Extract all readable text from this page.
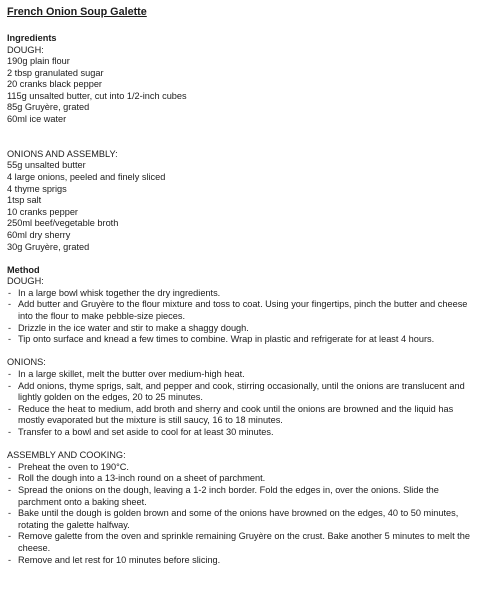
French Onion Soup Galette
Ingredients
DOUGH:
190g plain flour
2 tbsp granulated sugar
20 cranks black pepper
115g unsalted butter, cut into 1/2-inch cubes
85g Gruyère, grated
60ml ice water
ONIONS AND ASSEMBLY:
55g unsalted butter
4 large onions, peeled and finely sliced
4 thyme sprigs
1tsp salt
10 cranks pepper
250ml beef/vegetable broth
60ml dry sherry
30g Gruyère, grated
Method
DOUGH:
- In a large bowl whisk together the dry ingredients.
- Add butter and Gruyère to the flour mixture and toss to coat. Using your fingertips, pinch the butter and cheese into the flour to make pebble-size pieces.
- Drizzle in the ice water and stir to make a shaggy dough.
- Tip onto surface and knead a few times to combine. Wrap in plastic and refrigerate for at least 4 hours.
ONIONS:
- In a large skillet, melt the butter over medium-high heat.
- Add onions, thyme sprigs, salt, and pepper and cook, stirring occasionally, until the onions are translucent and lightly golden on the edges, 20 to 25 minutes.
- Reduce the heat to medium, add broth and sherry and cook until the onions are browned and the liquid has mostly evaporated but the mixture is still saucy, 16 to 18 minutes.
- Transfer to a bowl and set aside to cool for at least 30 minutes.
ASSEMBLY AND COOKING:
- Preheat the oven to 190°C.
- Roll the dough into a 13-inch round on a sheet of parchment.
- Spread the onions on the dough, leaving a 1-2 inch border. Fold the edges in, over the onions. Slide the parchment onto a baking sheet.
- Bake until the dough is golden brown and some of the onions have browned on the edges, 40 to 50 minutes, rotating the galette halfway.
- Remove galette from the oven and sprinkle remaining Gruyère on the crust. Bake another 5 minutes to melt the cheese.
- Remove and let rest for 10 minutes before slicing.
